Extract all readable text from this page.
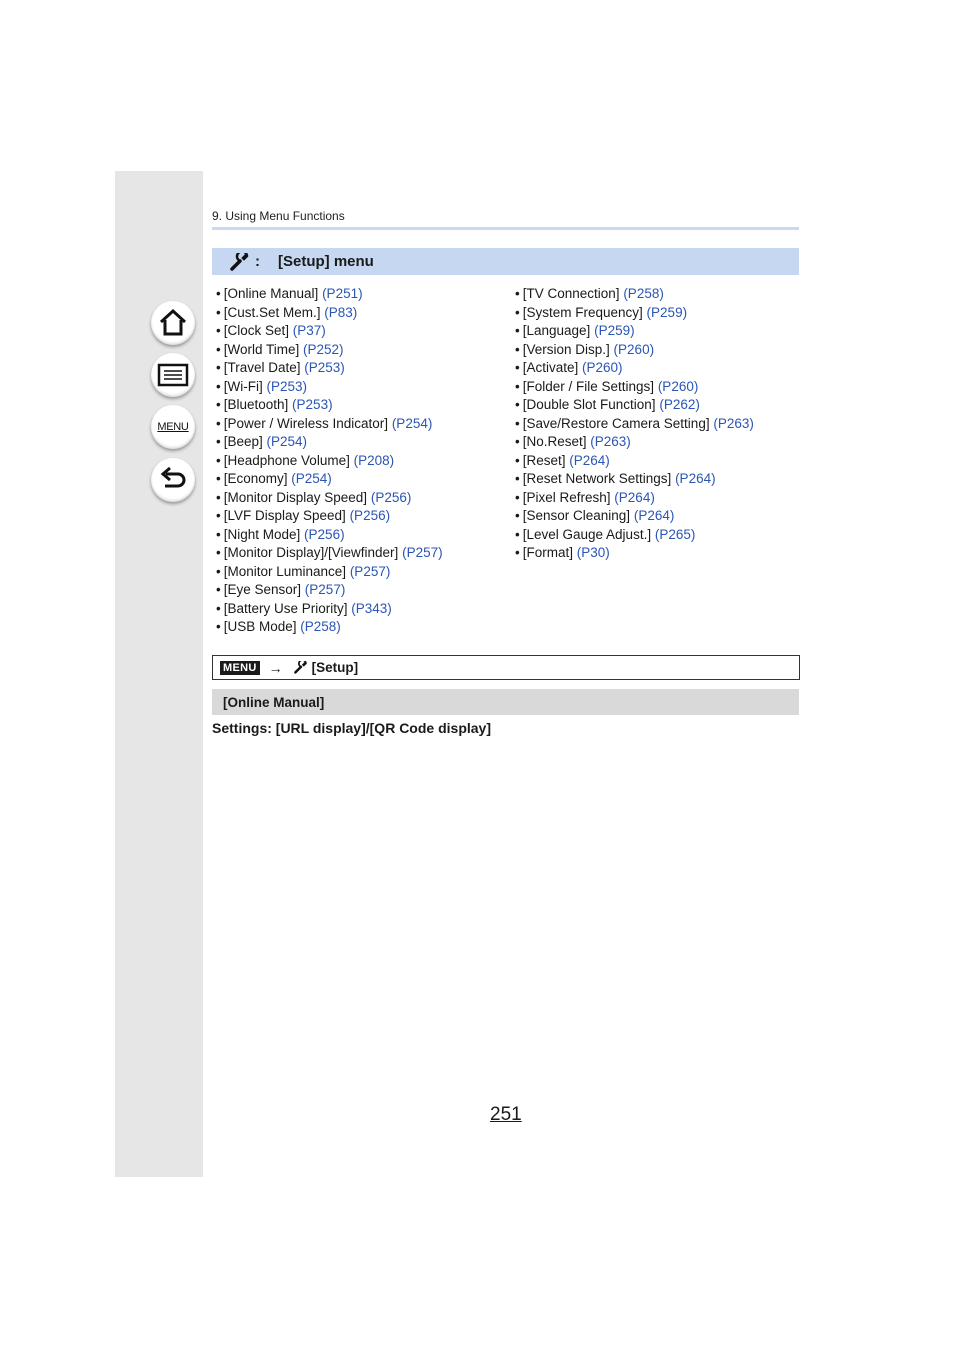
MENU
9. Using Menu Functions
: [Setup] menu
• [Online Manual] (P251)
• [Cust.Set Mem.] (P83)
• [Clock Set] (P37)
• [World Time] (P252)
• [Travel Date] (P253)
• [Wi-Fi] (P253)
• [Bluetooth] (P253)
• [Power / Wireless Indicator] (P254)
• [Beep] (P254)
• [Headphone Volume] (P208)
• [Economy] (P254)
• [Monitor Display Speed] (P256)
• [LVF Display Speed] (P256)
• [Night Mode] (P256)
• [Monitor Display]/[Viewfinder] (P257)
• [Monitor Luminance] (P257)
• [Eye Sensor] (P257)
• [Battery Use Priority] (P343)
• [USB Mode] (P258)
• [TV Connection] (P258)
• [System Frequency] (P259)
• [Language] (P259)
• [Version Disp.] (P260)
• [Activate] (P260)
• [Folder / File Settings] (P260)
• [Double Slot Function] (P262)
• [Save/Restore Camera Setting] (P263)
• [No.Reset] (P263)
• [Reset] (P264)
• [Reset Network Settings] (P264)
• [Pixel Refresh] (P264)
• [Sensor Cleaning] (P264)
• [Level Gauge Adjust.] (P265)
• [Format] (P30)
MENU → [Setup]
[Online Manual]
Settings: [URL display]/[QR Code display]
251
